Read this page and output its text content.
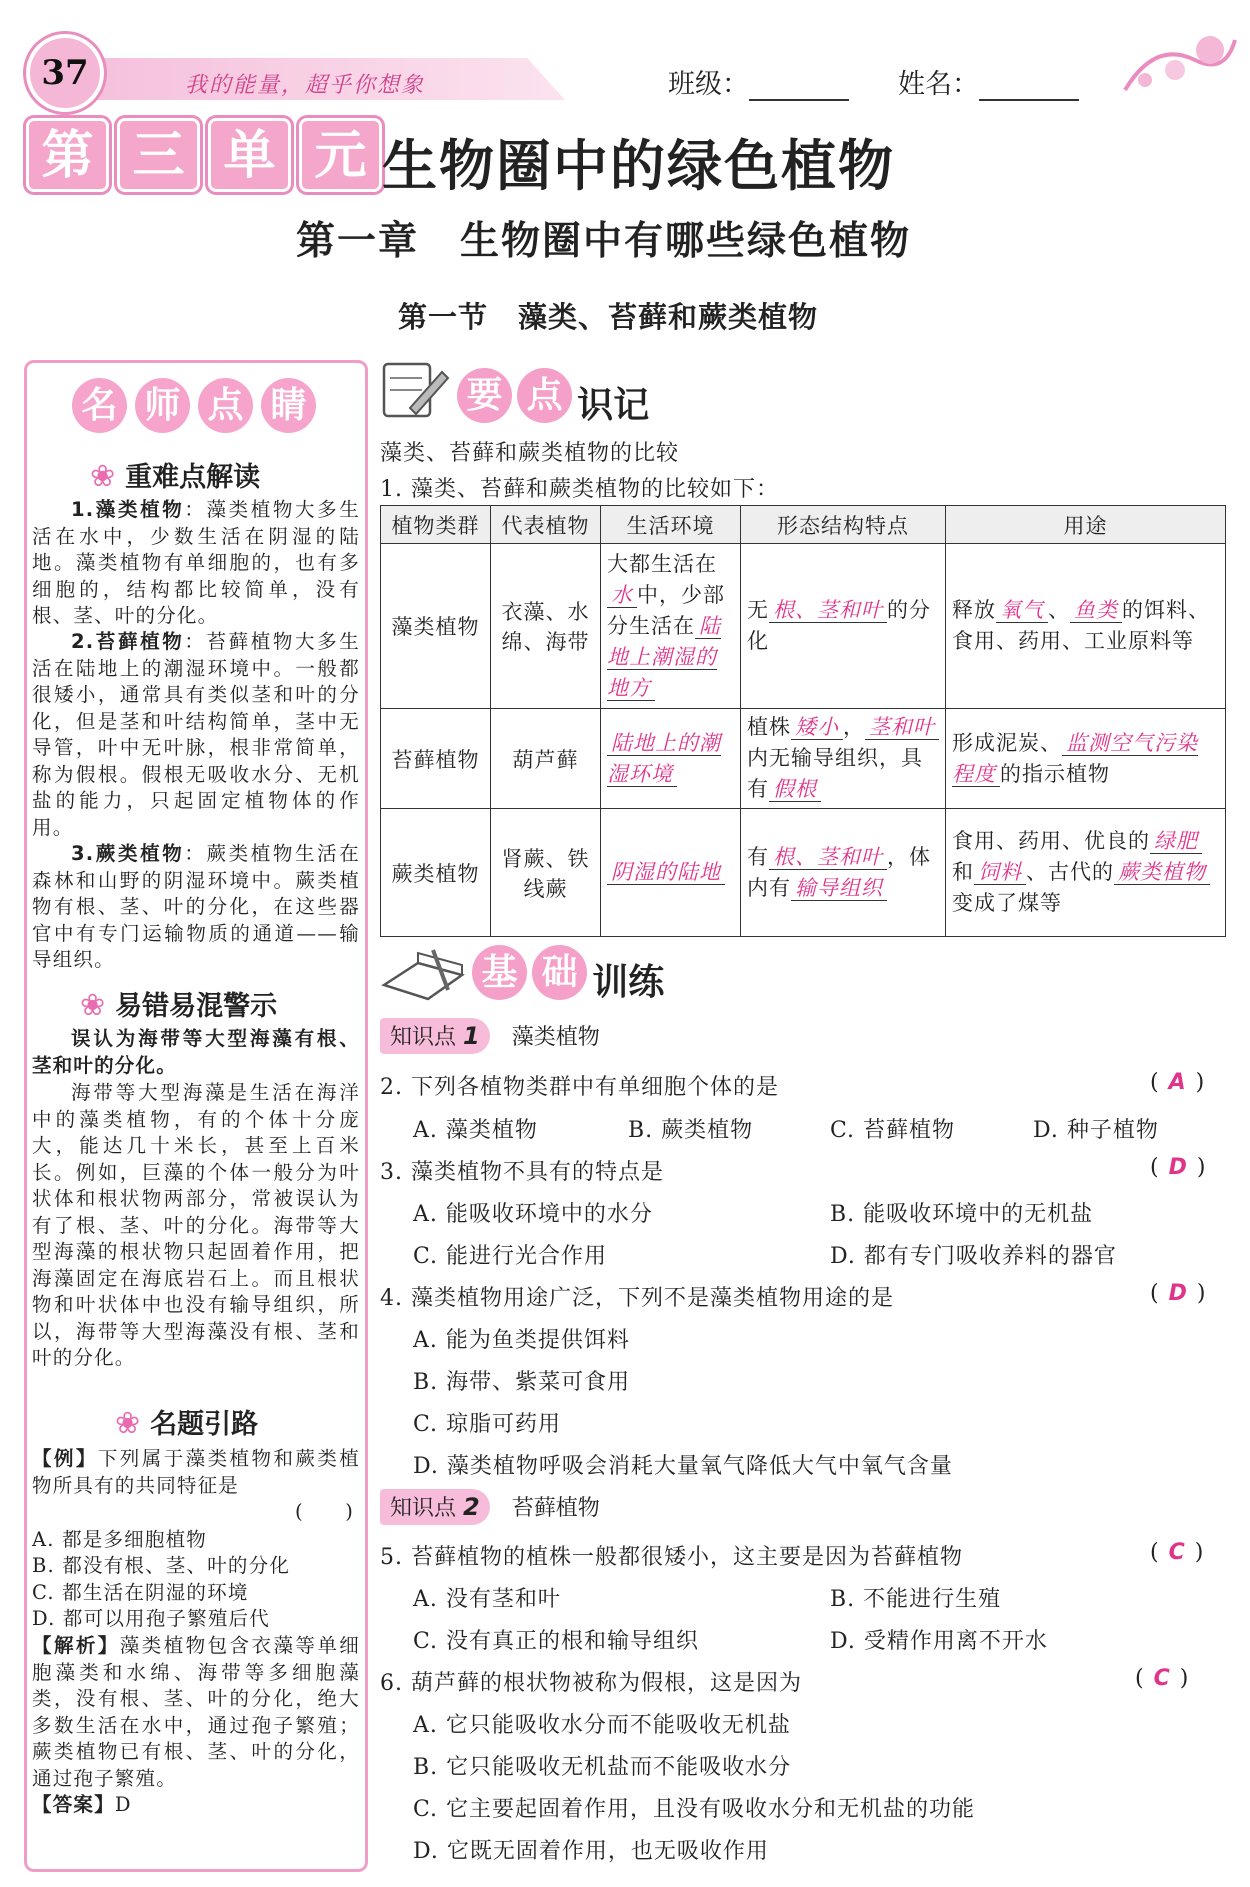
37	我的能量，超乎你想象	班级：	姓名：
第 三 单 元 生物圈中的绿色植物
第一章　生物圈中有哪些绿色植物
第一节　藻类、苔藓和蕨类植物
名 师 点 睛
❀ 重难点解读
1.藻类植物：藻类植物大多生活在水中，少数生活在阴湿的陆地。藻类植物有单细胞的，也有多细胞的，结构都比较简单，没有根、茎、叶的分化。
2.苔藓植物：苔藓植物大多生活在陆地上的潮湿环境中。一般都很矮小，通常具有类似茎和叶的分化，但是茎和叶结构简单，茎中无导管，叶中无叶脉，根非常简单，称为假根。假根无吸收水分、无机盐的能力，只起固定植物体的作用。
3.蕨类植物：蕨类植物生活在森林和山野的阴湿环境中。蕨类植物有根、茎、叶的分化，在这些器官中有专门运输物质的通道——输导组织。
❀ 易错易混警示
误认为海带等大型海藻有根、茎和叶的分化。
海带等大型海藻是生活在海洋中的藻类植物，有的个体十分庞大，能达几十米长，甚至上百米长。例如，巨藻的个体一般分为叶状体和根状物两部分，常被误认为有了根、茎、叶的分化。海带等大型海藻的根状物只起固着作用，把海藻固定在海底岩石上。而且根状物和叶状体中也没有输导组织，所以，海带等大型海藻没有根、茎和叶的分化。
❀ 名题引路
【例】下列属于藻类植物和蕨类植物所具有的共同特征是
(　　)
A. 都是多细胞植物
B. 都没有根、茎、叶的分化
C. 都生活在阴湿的环境
D. 都可以用孢子繁殖后代
【解析】藻类植物包含衣藻等单细胞藻类和水绵、海带等多细胞藻类，没有根、茎、叶的分化，绝大多数生活在水中，通过孢子繁殖；蕨类植物已有根、茎、叶的分化，通过孢子繁殖。
【答案】D
要 点 识记
藻类、苔藓和蕨类植物的比较
1. 藻类、苔藓和蕨类植物的比较如下：
植物类群	代表植物	生活环境	形态结构特点	用途
藻类植物	衣藻、水绵、海带	大都生活在水 中，少部分生活在 陆地上潮湿的地方	无 根、茎和叶 的分化	释放 氧气 、 鱼类 的饵料、食用、药用、工业原料等
苔藓植物	葫芦藓	陆地上的潮湿环境	植株 矮小 ， 茎和叶内无输导组织，具有 假根	形成泥炭、 监测空气污染程度 的指示植物
蕨类植物	肾蕨、铁线蕨	阴湿的陆地	有 根、茎和叶 ，体内有 输导组织	食用、药用、优良的 绿肥和 饲料 、古代的 蕨类植物变成了煤等
基 础 训练
知识点 1 藻类植物
2. 下列各植物类群中有单细胞个体的是	( A )
A. 藻类植物	B. 蕨类植物	C. 苔藓植物	D. 种子植物
3. 藻类植物不具有的特点是	( D )
A. 能吸收环境中的水分	B. 能吸收环境中的无机盐
C. 能进行光合作用	D. 都有专门吸收养料的器官
4. 藻类植物用途广泛，下列不是藻类植物用途的是	( D )
A. 能为鱼类提供饵料
B. 海带、紫菜可食用
C. 琼脂可药用
D. 藻类植物呼吸会消耗大量氧气降低大气中氧气含量
知识点 2 苔藓植物
5. 苔藓植物的植株一般都很矮小，这主要是因为苔藓植物	( C )
A. 没有茎和叶	B. 不能进行生殖
C. 没有真正的根和输导组织	D. 受精作用离不开水
6. 葫芦藓的根状物被称为假根，这是因为	( C )
A. 它只能吸收水分而不能吸收无机盐
B. 它只能吸收无机盐而不能吸收水分
C. 它主要起固着作用，且没有吸收水分和无机盐的功能
D. 它既无固着作用，也无吸收作用
